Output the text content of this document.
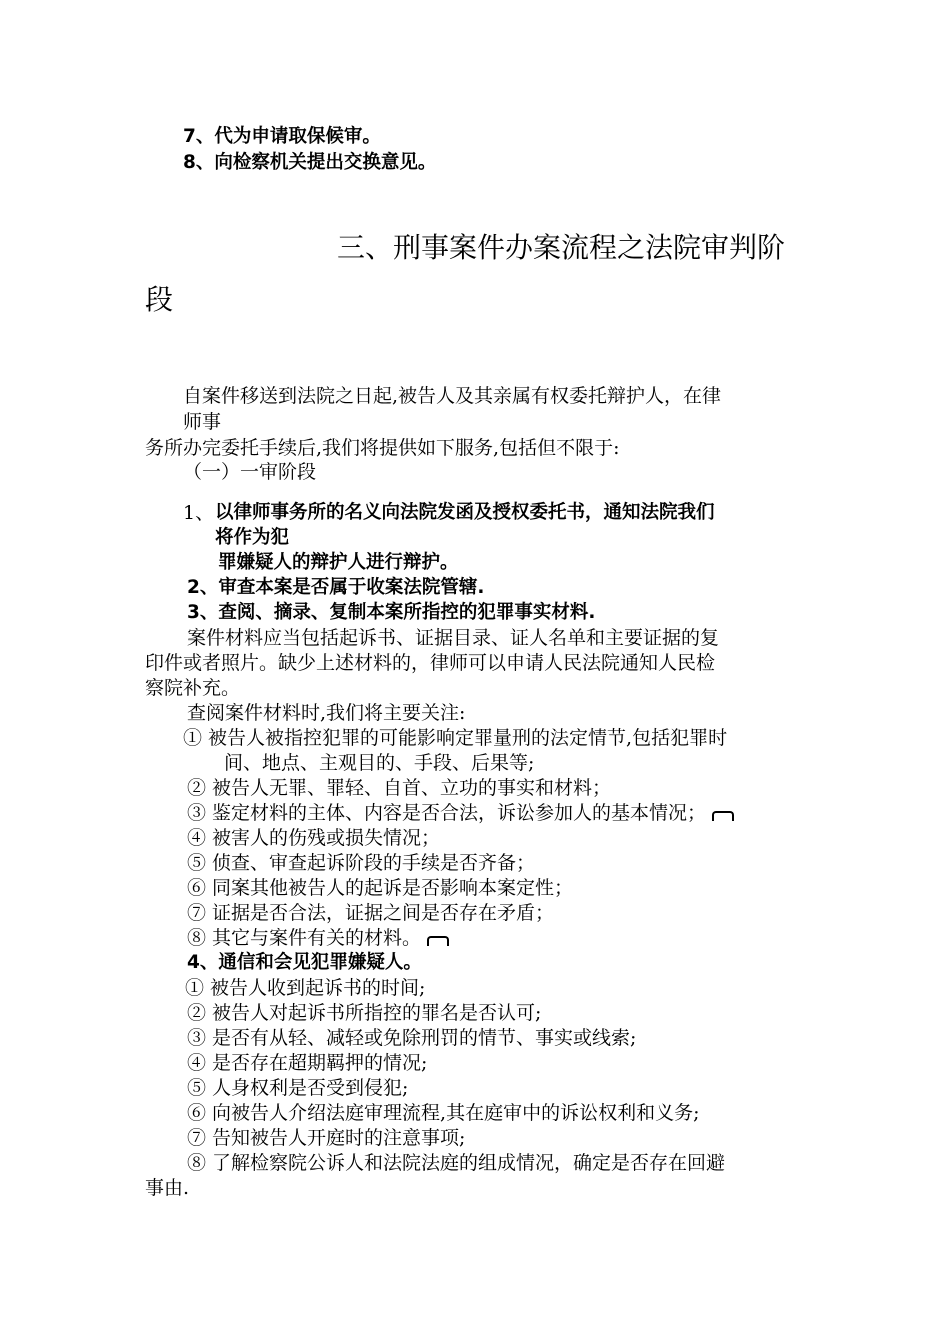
7、代为申请取保候审。
8、向检察机关提出交换意见。
三、刑事案件办案流程之法院审判阶
段
自案件移送到法院之日起,被告人及其亲属有权委托辩护人，在律
师事
务所办完委托手续后,我们将提供如下服务,包括但不限于:
（一）一审阶段
1、 以律师事务所的名义向法院发函及授权委托书，通知法院我们
将作为犯
罪嫌疑人的辩护人进行辩护。
2、审查本案是否属于收案法院管辖.
3、查阅、摘录、复制本案所指控的犯罪事实材料.
案件材料应当包括起诉书、证据目录、证人名单和主要证据的复
印件或者照片。缺少上述材料的，律师可以申请人民法院通知人民检
察院补充。
查阅案件材料时,我们将主要关注:
① 被告人被指控犯罪的可能影响定罪量刑的法定情节,包括犯罪时
间、地点、主观目的、手段、后果等;
② 被告人无罪、罪轻、自首、立功的事实和材料；
③ 鉴定材料的主体、内容是否合法，诉讼参加人的基本情况；
④ 被害人的伤残或损失情况；
⑤ 侦查、审查起诉阶段的手续是否齐备；
⑥ 同案其他被告人的起诉是否影响本案定性；
⑦ 证据是否合法，证据之间是否存在矛盾；
⑧ 其它与案件有关的材料。
4、通信和会见犯罪嫌疑人。
① 被告人收到起诉书的时间;
② 被告人对起诉书所指控的罪名是否认可;
③ 是否有从轻、减轻或免除刑罚的情节、事实或线索;
④ 是否存在超期羁押的情况;
⑤ 人身权利是否受到侵犯;
⑥ 向被告人介绍法庭审理流程,其在庭审中的诉讼权利和义务;
⑦ 告知被告人开庭时的注意事项;
⑧ 了解检察院公诉人和法院法庭的组成情况，确定是否存在回避
事由.
